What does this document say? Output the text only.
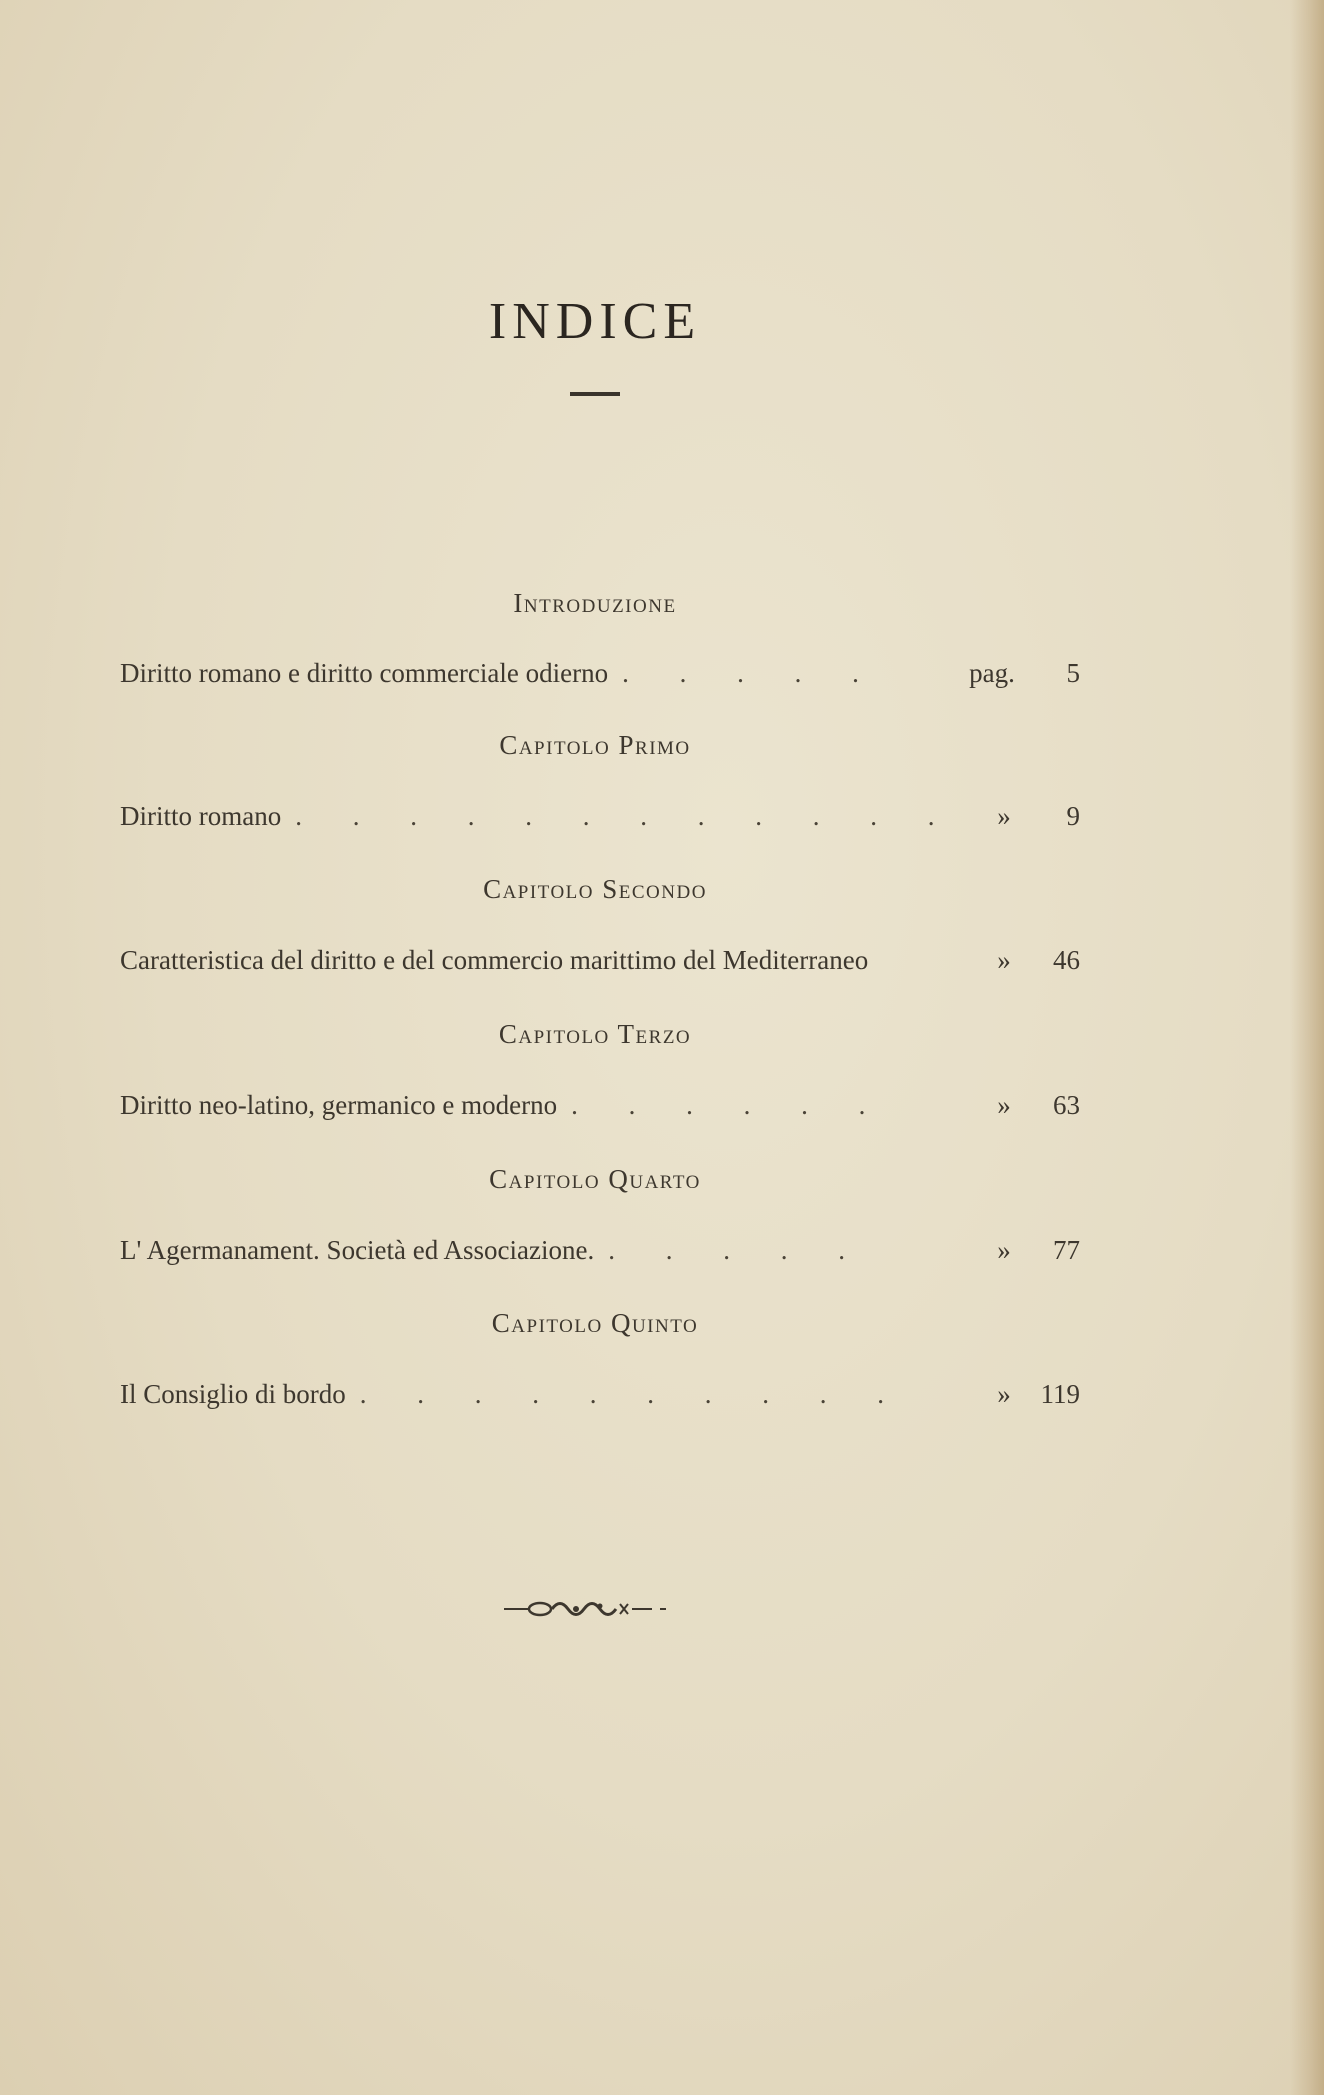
INDICE
Introduzione
Diritto romano e diritto commerciale odierno . . . . .	pag.	5
Capitolo Primo
Diritto romano . . . . . . . . . . . .	»	9
Capitolo Secondo
Caratteristica del diritto e del commercio marittimo del Mediterraneo	»	46
Capitolo Terzo
Diritto neo-latino, germanico e moderno . . . . . .	»	63
Capitolo Quarto
L' Agermanament. Società ed Associazione. . . . . .	»	77
Capitolo Quinto
Il Consiglio di bordo . . . . . . . . . .	»	119
